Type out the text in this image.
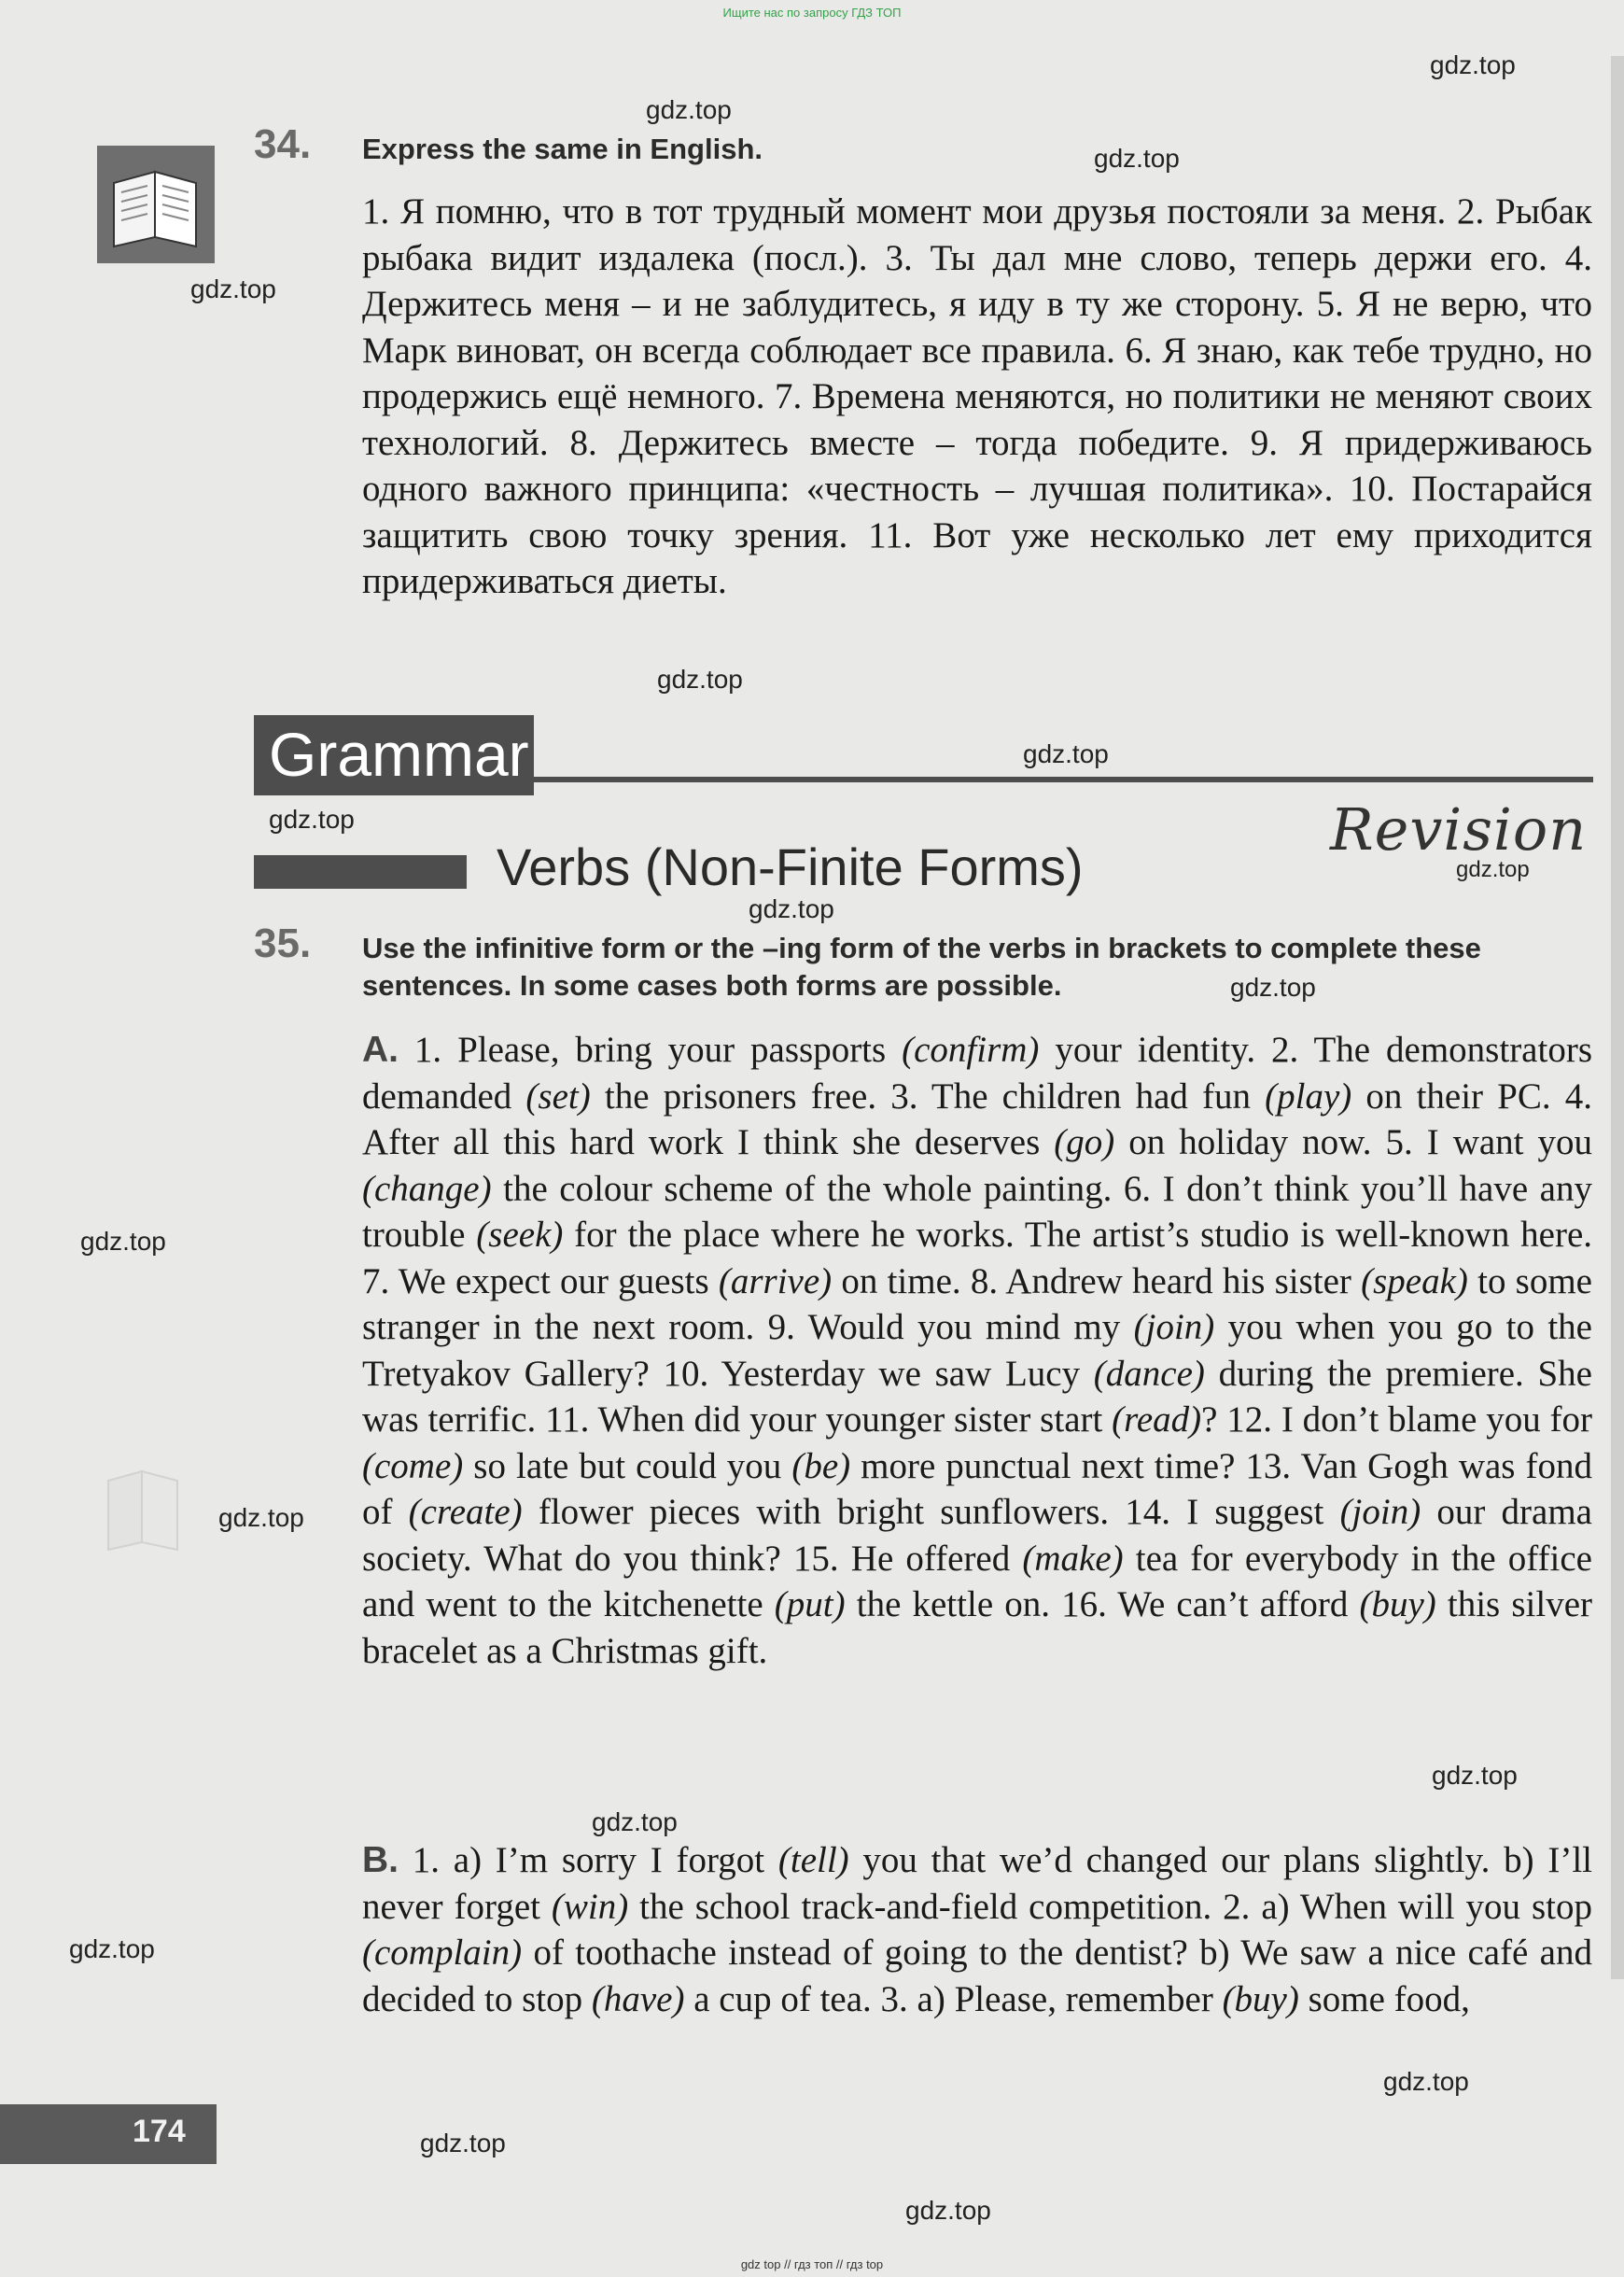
Ищите нас по запросу ГДЗ ТОП
34. Express the same in English.

1. Я помню, что в тот трудный момент мои друзья постояли за меня. 2. Рыбак рыбака видит издалека (посл.). 3. Ты дал мне слово, теперь держи его. 4. Держитесь меня – и не заблудитесь, я иду в ту же сторону. 5. Я не верю, что Марк виноват, он всегда соблюдает все правила. 6. Я знаю, как тебе трудно, но продержись ещё немного. 7. Времена меняются, но политики не меняют своих технологий. 8. Держитесь вместе – тогда победите. 9. Я придерживаюсь одного важного принципа: «честность – лучшая политика». 10. Постарайся защитить свою точку зрения. 11. Вот уже несколько лет ему приходится придерживаться диеты.

Grammar
Revision
Verbs (Non-Finite Forms)
35. Use the infinitive form or the –ing form of the verbs in brackets to complete these sentences. In some cases both forms are possible.

A. 1. Please, bring your passports (confirm) your identity. 2. The demonstrators demanded (set) the prisoners free. 3. The children had fun (play) on their PC. 4. After all this hard work I think she deserves (go) on holiday now. 5. I want you (change) the colour scheme of the whole painting. 6. I don’t think you’ll have any trouble (seek) for the place where he works. The artist’s studio is well-known here. 7. We expect our guests (arrive) on time. 8. Andrew heard his sister (speak) to some stranger in the next room. 9. Would you mind my (join) you when you go to the Tretyakov Gallery? 10. Yesterday we saw Lucy (dance) during the premiere. She was terrific. 11. When did your younger sister start (read)? 12. I don’t blame you for (come) so late but could you (be) more punctual next time? 13. Van Gogh was fond of (create) flower pieces with bright sunflowers. 14. I suggest (join) our drama society. What do you think? 15. He offered (make) tea for everybody in the office and went to the kitchenette (put) the kettle on. 16. We can’t afford (buy) this silver bracelet as a Christmas gift.

B. 1. a) I’m sorry I forgot (tell) you that we’d changed our plans slightly. b) I’ll never forget (win) the school track-and-field competition. 2. a) When will you stop (complain) of toothache instead of going to the dentist? b) We saw a nice café and decided to stop (have) a cup of tea. 3. a) Please, remember (buy) some food,

174
gdz.top
gdz.top
gdz.top
gdz.top
gdz.top
gdz.top
gdz.top
gdz.top
gdz.top
gdz.top
gdz.top
gdz.top
gdz.top
gdz.top
gdz.top
gdz.top
gdz.top
gdz.top
gdz top // гдз топ // гдз top
